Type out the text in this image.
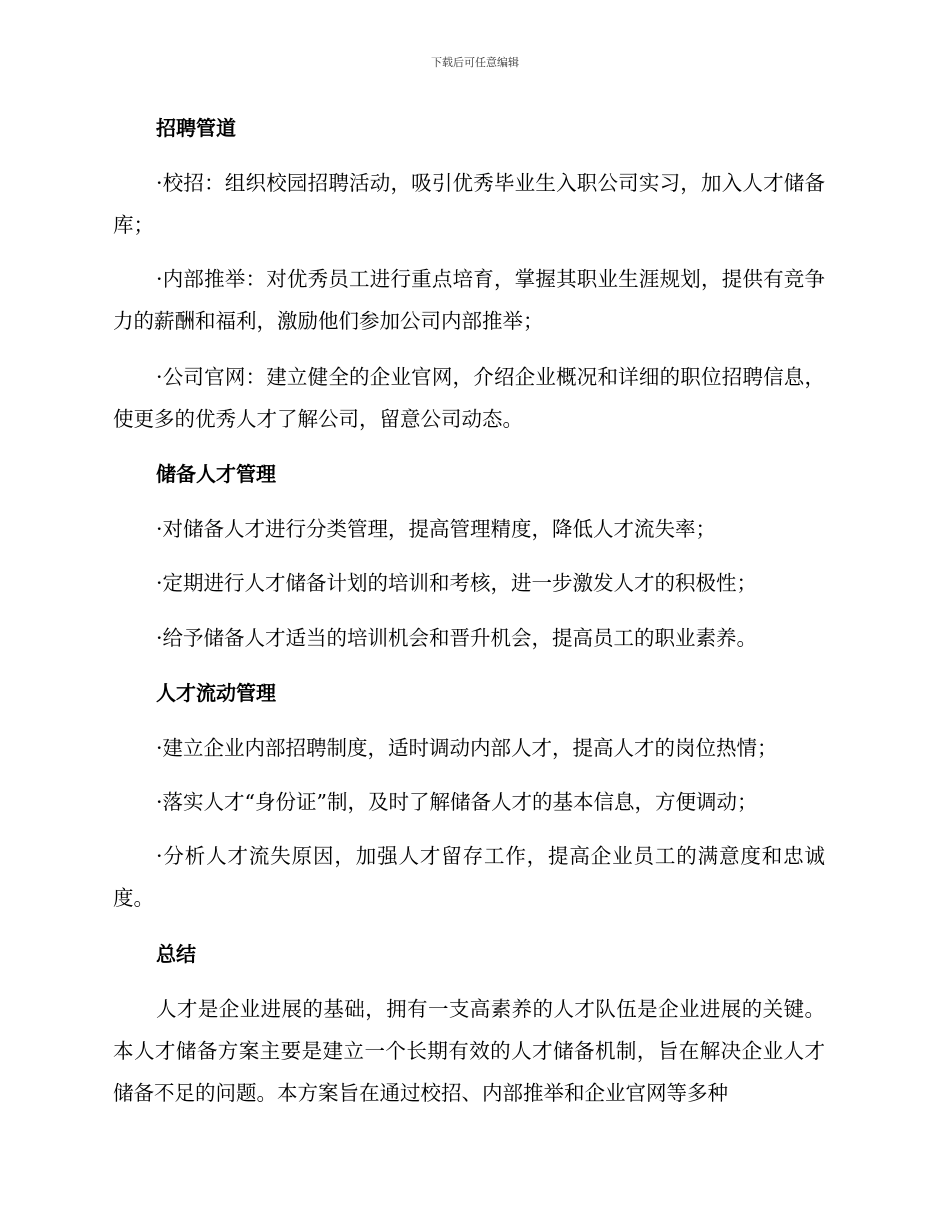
下载后可任意编辑
招聘管道
·校招：组织校园招聘活动，吸引优秀毕业生入职公司实习，加入人才储备库；
·内部推举：对优秀员工进行重点培育，掌握其职业生涯规划，提供有竞争力的薪酬和福利，激励他们参加公司内部推举；
·公司官网：建立健全的企业官网，介绍企业概况和详细的职位招聘信息，使更多的优秀人才了解公司，留意公司动态。
储备人才管理
·对储备人才进行分类管理，提高管理精度，降低人才流失率；
·定期进行人才储备计划的培训和考核，进一步激发人才的积极性；
·给予储备人才适当的培训机会和晋升机会，提高员工的职业素养。
人才流动管理
·建立企业内部招聘制度，适时调动内部人才，提高人才的岗位热情；
·落实人才“身份证”制，及时了解储备人才的基本信息，方便调动；
·分析人才流失原因，加强人才留存工作，提高企业员工的满意度和忠诚度。
总结
人才是企业进展的基础，拥有一支高素养的人才队伍是企业进展的关键。本人才储备方案主要是建立一个长期有效的人才储备机制，旨在解决企业人才储备不足的问题。本方案旨在通过校招、内部推举和企业官网等多种
